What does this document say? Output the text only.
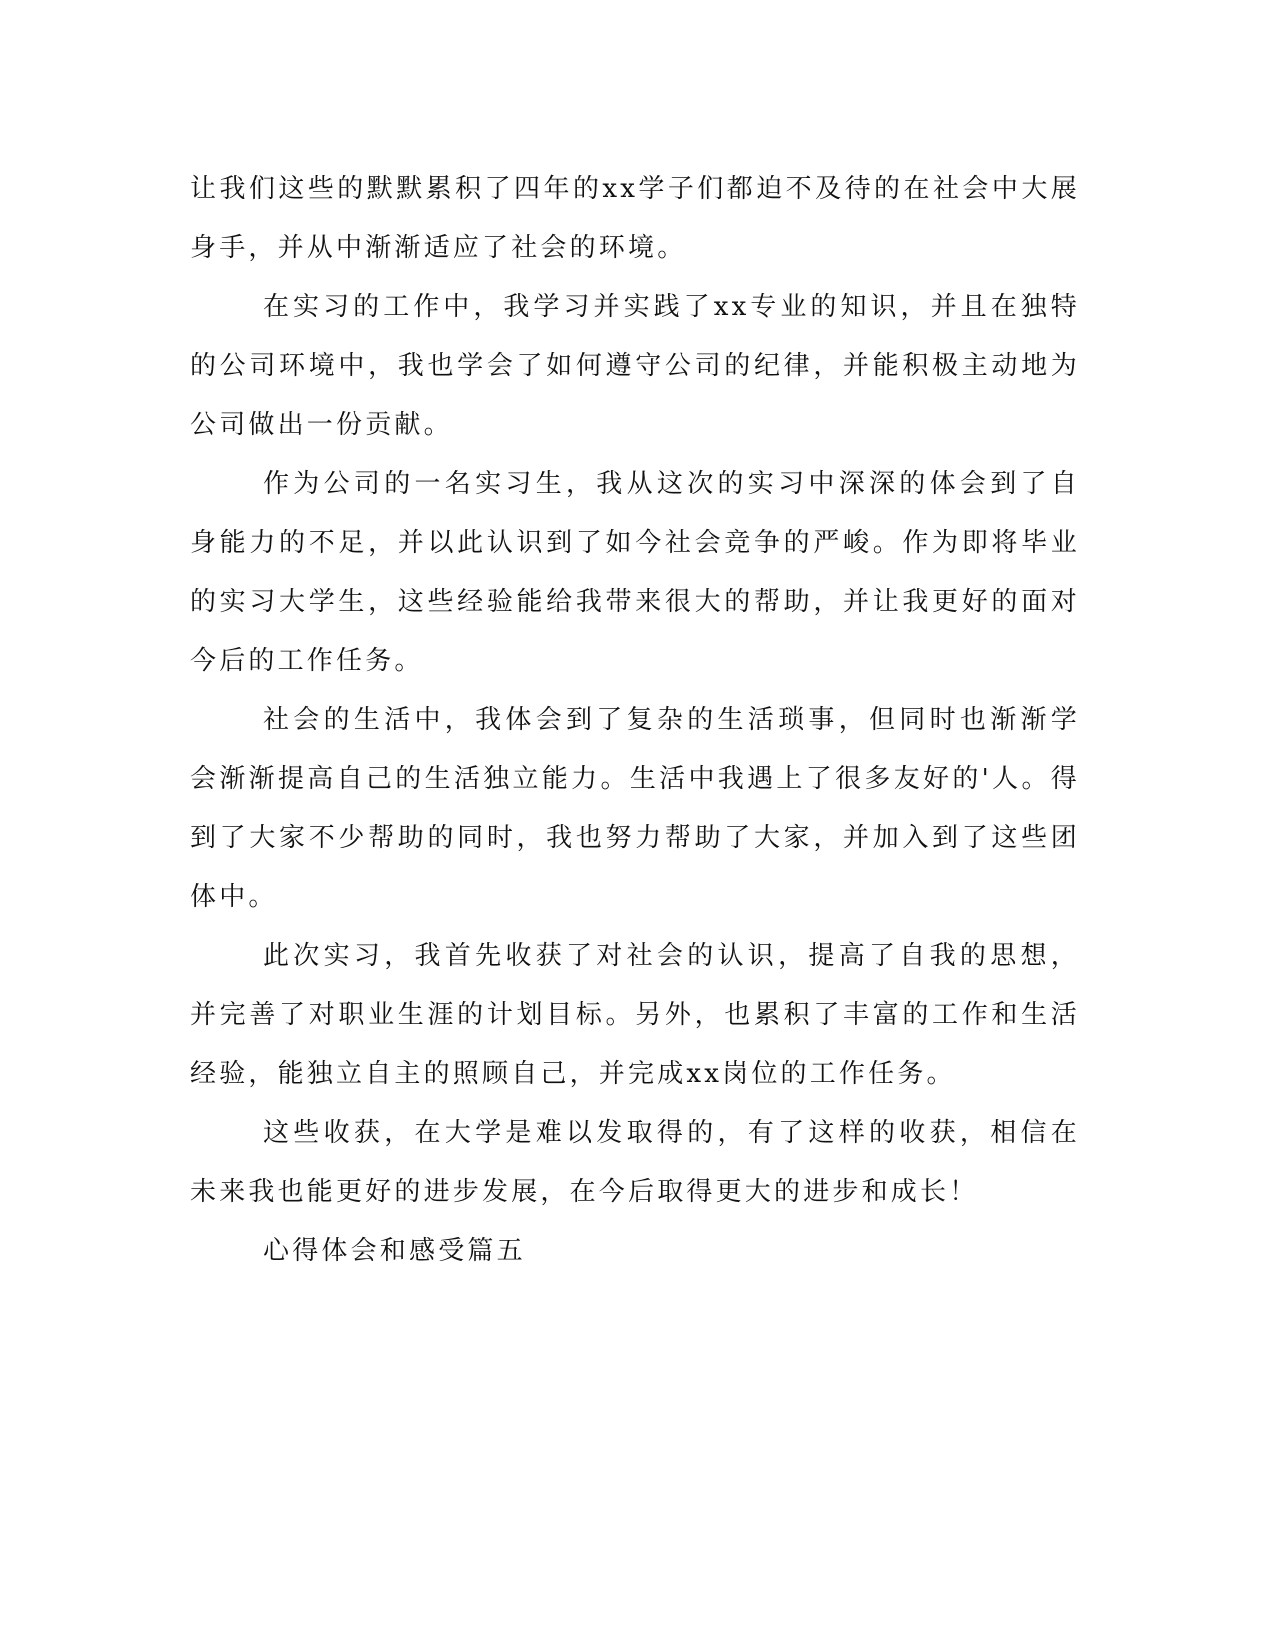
让我们这些的默默累积了四年的xx学子们都迫不及待的在社会中大展身手，并从中渐渐适应了社会的环境。

在实习的工作中，我学习并实践了xx专业的知识，并且在独特的公司环境中，我也学会了如何遵守公司的纪律，并能积极主动地为公司做出一份贡献。

作为公司的一名实习生，我从这次的实习中深深的体会到了自身能力的不足，并以此认识到了如今社会竞争的严峻。作为即将毕业的实习大学生，这些经验能给我带来很大的帮助，并让我更好的面对今后的工作任务。

社会的生活中，我体会到了复杂的生活琐事，但同时也渐渐学会渐渐提高自己的生活独立能力。生活中我遇上了很多友好的'人。得到了大家不少帮助的同时，我也努力帮助了大家，并加入到了这些团体中。

此次实习，我首先收获了对社会的认识，提高了自我的思想，并完善了对职业生涯的计划目标。另外，也累积了丰富的工作和生活经验，能独立自主的照顾自己，并完成xx岗位的工作任务。

这些收获，在大学是难以发取得的，有了这样的收获，相信在未来我也能更好的进步发展，在今后取得更大的进步和成长！

心得体会和感受篇五
